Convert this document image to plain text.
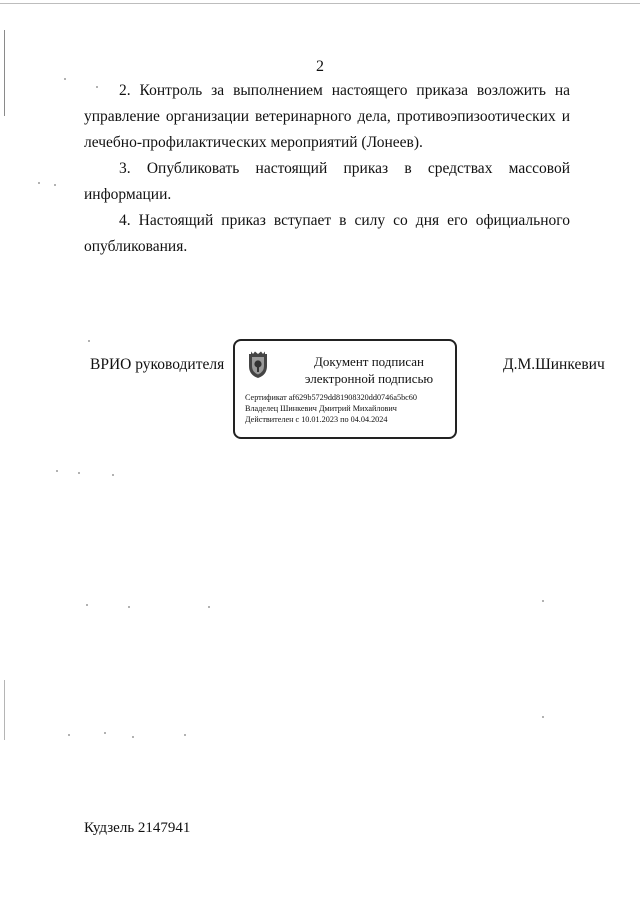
2

2. Контроль за выполнением настоящего приказа возложить на управление организации ветеринарного дела, противоэпизоотических и лечебно-профилактических мероприятий (Лонеев).

3. Опубликовать настоящий приказ в средствах массовой информации.

4. Настоящий приказ вступает в силу со дня его официального опубликования.

ВРИО руководителя	Документ подписан
электронной подписью
Сертификат af629b5729dd81908320dd0746a5bc60
Владелец Шинкевич Дмитрий Михайлович
Действителен с 10.01.2023 по 04.04.2024
Д.М.Шинкевич
Кудзель 2147941
